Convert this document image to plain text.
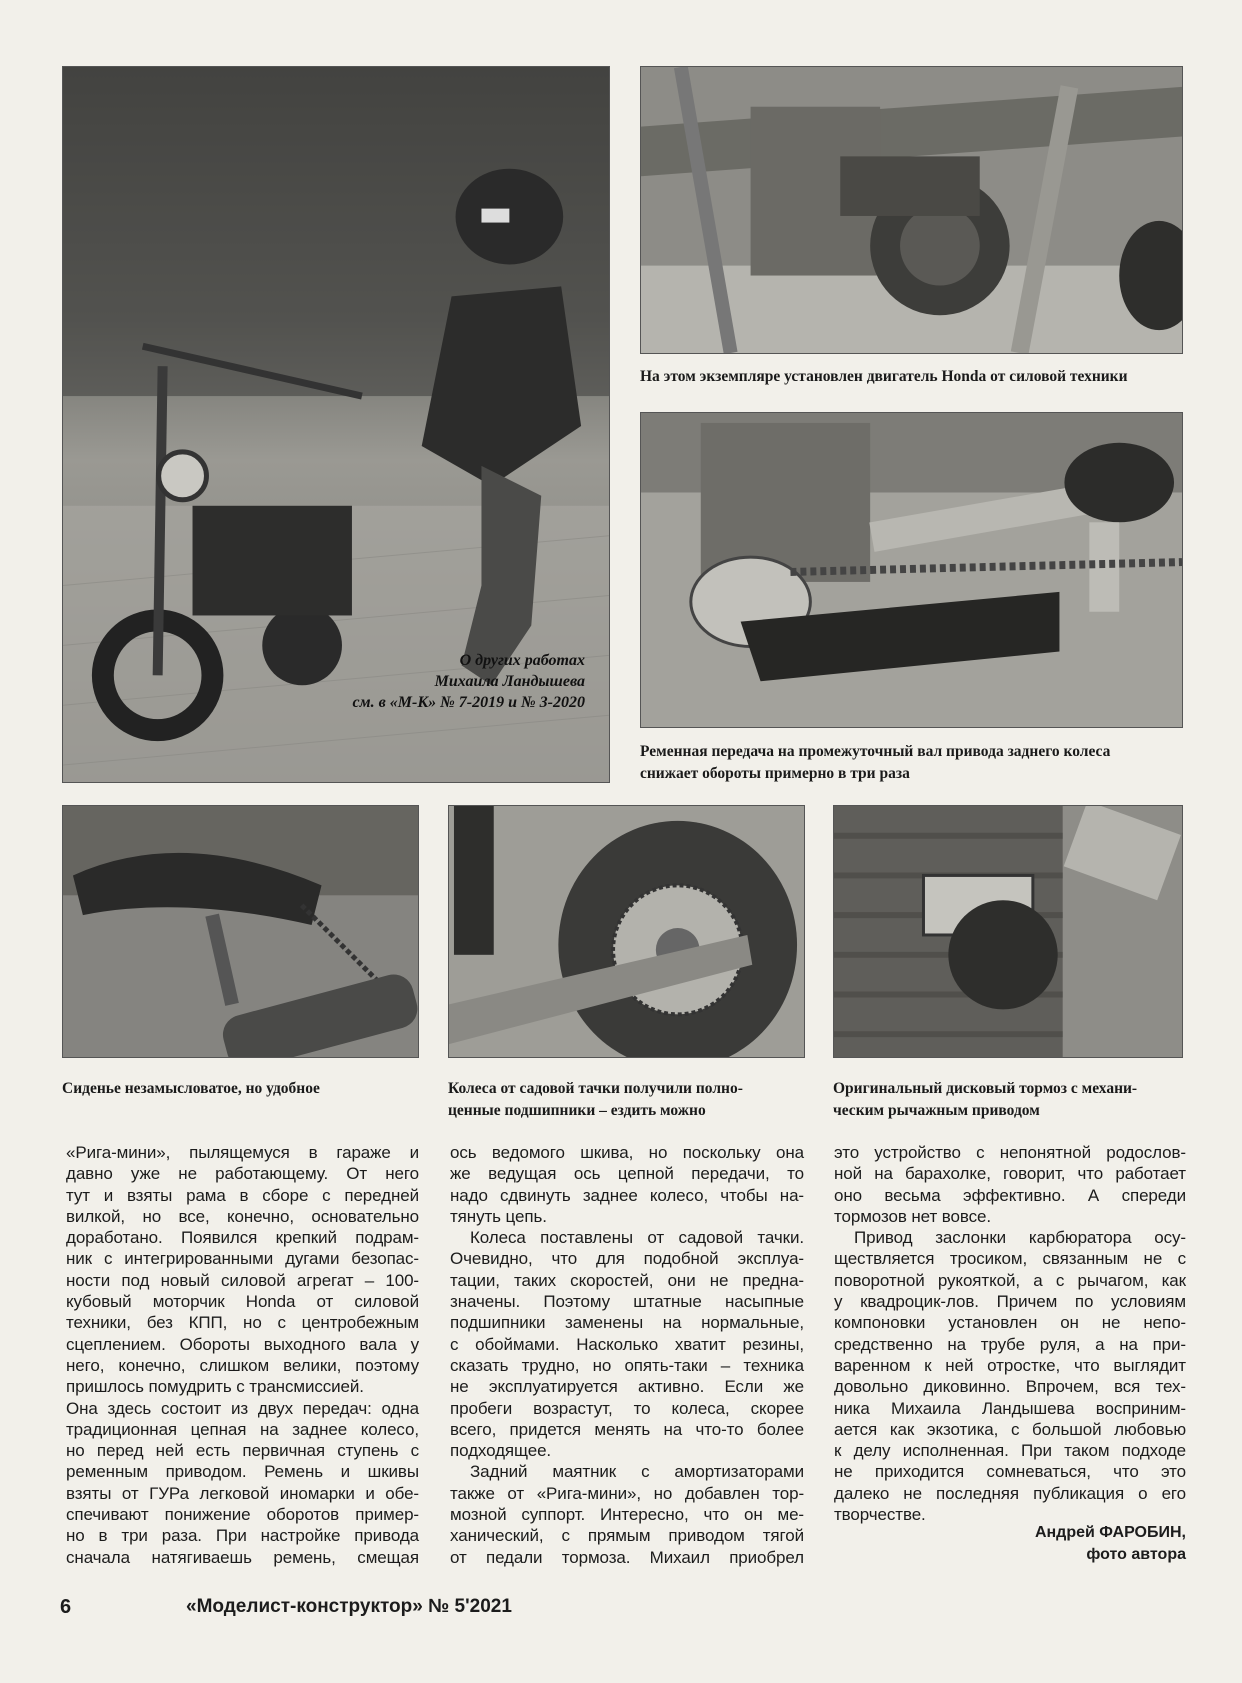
О других работах
Михаила Ландышева
см. в «М-К» № 7-2019 и № 3-2020
На этом экземпляре установлен двигатель Honda от силовой техники
Ременная передача на промежуточный вал привода заднего колеса
снижает обороты примерно в три раза
Сиденье незамысловатое, но удобное	Колеса от садовой тачки получили полно-
ценные подшипники – ездить можно
Оригинальный дисковый тормоз с механи-
ческим рычажным приводом
«Рига-мини», пылящемуся в гараже и
давно уже не работающему. От него
тут и взяты рама в сборе с передней
вилкой, но все, конечно, основательно
доработано. Появился крепкий подрам-
ник с интегрированными дугами безопас-
ности под новый силовой агрегат – 100-
кубовый моторчик Honda от силовой
техники, без КПП, но с центробежным
сцеплением. Обороты выходного вала у
него, конечно, слишком велики, поэтому
пришлось помудрить с трансмиссией.
Она здесь состоит из двух передач: одна
традиционная цепная на заднее колесо,
но перед ней есть первичная ступень с
ременным приводом. Ремень и шкивы
взяты от ГУРа легковой иномарки и обе-
спечивают понижение оборотов пример-
но в три раза. При настройке привода
сначала натягиваешь ремень, смещая
ось ведомого шкива, но поскольку она
же ведущая ось цепной передачи, то
надо сдвинуть заднее колесо, чтобы на-
тянуть цепь.
Колеса поставлены от садовой тачки.
Очевидно, что для подобной эксплуа-
тации, таких скоростей, они не предна-
значены. Поэтому штатные насыпные
подшипники заменены на нормальные,
с обоймами. Насколько хватит резины,
сказать трудно, но опять-таки – техника
не эксплуатируется активно. Если же
пробеги возрастут, то колеса, скорее
всего, придется менять на что-то более
подходящее.
Задний маятник с амортизаторами
также от «Рига-мини», но добавлен тор-
мозной суппорт. Интересно, что он ме-
ханический, с прямым приводом тягой
от педали тормоза. Михаил приобрел
это устройство с непонятной родослов-
ной на барахолке, говорит, что работает
оно весьма эффективно. А спереди
тормозов нет вовсе.
Привод заслонки карбюратора осу-
ществляется тросиком, связанным не с
поворотной рукояткой, а с рычагом, как
у квадроцик-лов. Причем по условиям
компоновки установлен он не непо-
средственно на трубе руля, а на при-
варенном к ней отростке, что выглядит
довольно диковинно. Впрочем, вся тех-
ника Михаила Ландышева восприним-
ается как экзотика, с большой любовью
к делу исполненная. При таком подходе
не приходится сомневаться, что это
далеко не последняя публикация о его
творчестве.
Андрей ФАРОБИН,
фото автора
6	«Моделист-конструктор» № 5'2021
